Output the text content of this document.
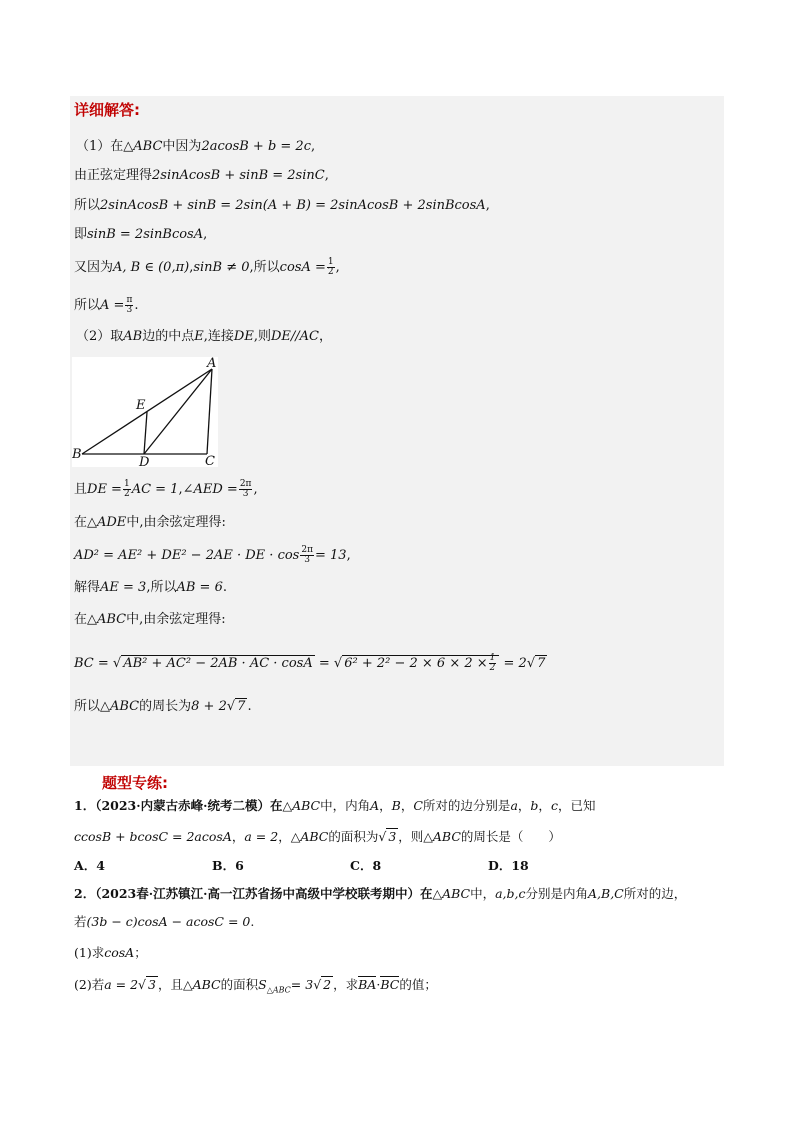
详细解答:
（1）在△ABC中因为2acosB + b = 2c,
由正弦定理得2sinAcosB + sinB = 2sinC,
所以2sinAcosB + sinB = 2sin(A + B) = 2sinAcosB + 2sinBcosA,
即sinB = 2sinBcosA,
又因为A, B ∈ (0,π),sinB ≠ 0,所以$\cos A = \frac{1}{2}$ ,
所以$A = \frac{\pi}{3}$ .
（2）取AB边的中点E,连接DE,则DE//AC，
A
B	C
D
E
且DE = $\frac{1}{2}$ AC = 1,∠AED = $\frac{2\pi}{3}$ ,
在△ADE中,由余弦定理得:
AD² = AE² + DE² − 2AE · DE · $\cos \frac{2\pi}{3} = 13$,
解得AE = 3,所以AB = 6.
在△ABC中,由余弦定理得:
BC = √ AB² + AC² − 2AB · AC · cosA = √ $6^2 + 2^2 - 2 \times 6 \times 2 \times \frac{1}{2} = 2√$ 7
所以△ABC的周长为8 + 2√ 7 .
题型专练:
1．（2023·内蒙古赤峰·统考二模）在△ABC中，内角A，B，C所对的边分别是a，b，c，已知
ccosB + bcosC = 2acosA，a = 2，△ABC的面积为√ 3 ，则△ABC的周长是（　　）
A．4	B．6	C．8	D．18
2．（2023春·江苏镇江·高一江苏省扬中高级中学校联考期中）在△ABC中，a,b,c分别是内角A,B,C所对的边，
若(3b − c)cosA − acosC = 0.
(1)求cosA；
(2)若a = 2√ 3 ，且△ABC的面积$S_{\triangle ABC}= 3√$ 2 ，求BA·BC的值；
